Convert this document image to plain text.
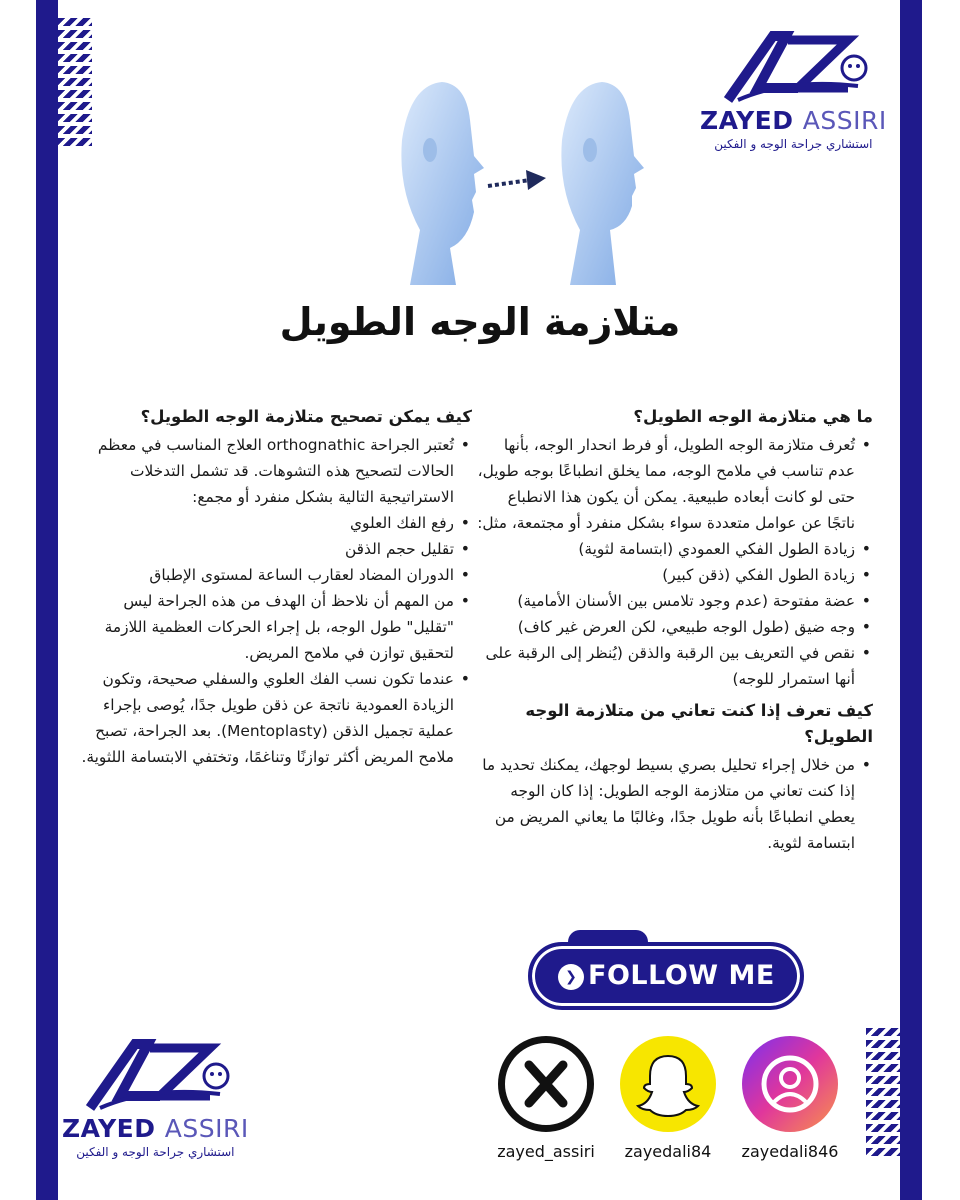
ZAYED ASSIRI
استشاري جراحة الوجه و الفكين
متلازمة الوجه الطويل
ما هي متلازمة الوجه الطويل؟
• تُعرف متلازمة الوجه الطويل، أو فرط انحدار الوجه، بأنها عدم تناسب في ملامح الوجه، مما يخلق انطباعًا بوجه طويل، حتى لو كانت أبعاده طبيعية. يمكن أن يكون هذا الانطباع ناتجًا عن عوامل متعددة سواء بشكل منفرد أو مجتمعة، مثل:
• زيادة الطول الفكي العمودي (ابتسامة لثوية)
• زيادة الطول الفكي (ذقن كبير)
• عضة مفتوحة (عدم وجود تلامس بين الأسنان الأمامية)
• وجه ضيق (طول الوجه طبيعي، لكن العرض غير كاف)
• نقص في التعريف بين الرقبة والذقن (يُنظر إلى الرقبة على أنها استمرار للوجه)
كيف تعرف إذا كنت تعاني من متلازمة الوجه الطويل؟
• من خلال إجراء تحليل بصري بسيط لوجهك، يمكنك تحديد ما إذا كنت تعاني من متلازمة الوجه الطويل: إذا كان الوجه يعطي انطباعًا بأنه طويل جدًا، وغالبًا ما يعاني المريض من ابتسامة لثوية.
كيف يمكن تصحيح متلازمة الوجه الطويل؟
• تُعتبر الجراحة orthognathic العلاج المناسب في معظم الحالات لتصحيح هذه التشوهات. قد تشمل التدخلات الاستراتيجية التالية بشكل منفرد أو مجمع:
• رفع الفك العلوي
• تقليل حجم الذقن
• الدوران المضاد لعقارب الساعة لمستوى الإطباق
• من المهم أن نلاحظ أن الهدف من هذه الجراحة ليس "تقليل" طول الوجه، بل إجراء الحركات العظمية اللازمة لتحقيق توازن في ملامح المريض.
• عندما تكون نسب الفك العلوي والسفلي صحيحة، وتكون الزيادة العمودية ناتجة عن ذقن طويل جدًا، يُوصى بإجراء عملية تجميل الذقن (Mentoplasty). بعد الجراحة، تصبح ملامح المريض أكثر توازنًا وتناغمًا، وتختفي الابتسامة اللثوية.
ZAYED ASSIRI
استشاري جراحة الوجه و الفكين
❯ FOLLOW ME
zayed_assiri	zayedali84	zayedali846
